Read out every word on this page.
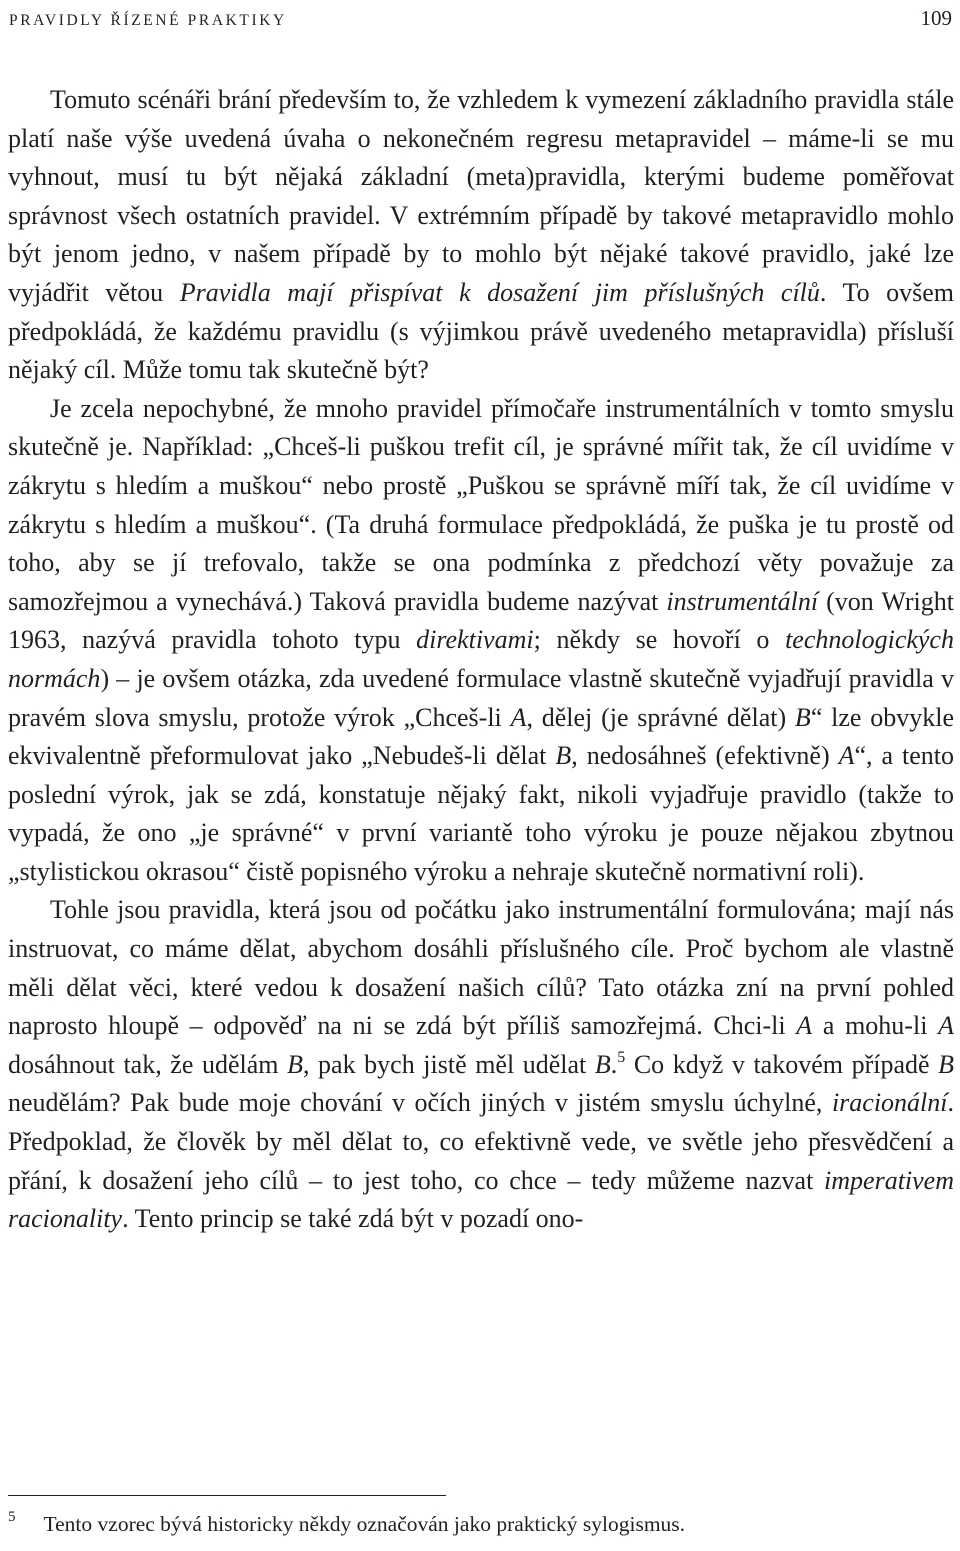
PRAVIDLY ŘÍZENÉ PRAKTIKY	109

Tomuto scénáři brání především to, že vzhledem k vymezení základního pravidla stále platí naše výše uvedená úvaha o nekonečném regresu metapravidel – máme-li se mu vyhnout, musí tu být nějaká základní (meta)pravidla, kterými budeme poměřovat správnost všech ostatních pravidel. V extrémním případě by takové metapravidlo mohlo být jenom jedno, v našem případě by to mohlo být nějaké takové pravidlo, jaké lze vyjádřit větou Pravidla mají přispívat k dosažení jim příslušných cílů. To ovšem předpokládá, že každému pravidlu (s výjimkou právě uvedeného metapravidla) přísluší nějaký cíl. Může tomu tak skutečně být?

Je zcela nepochybné, že mnoho pravidel přímočaře instrumentálních v tomto smyslu skutečně je. Například: „Chceš-li puškou trefit cíl, je správné mířit tak, že cíl uvidíme v zákrytu s hledím a muškou“ nebo prostě „Puškou se správně míří tak, že cíl uvidíme v zákrytu s hledím a muškou“. (Ta druhá formulace předpokládá, že puška je tu prostě od toho, aby se jí trefovalo, takže se ona podmínka z předchozí věty považuje za samozřejmou a vynechává.) Taková pravidla budeme nazývat instrumentální (von Wright 1963, nazývá pravidla tohoto typu direktivami; někdy se hovoří o technologických normách) – je ovšem otázka, zda uvedené formulace vlastně skutečně vyjadřují pravidla v pravém slova smyslu, protože výrok „Chceš-li A, dělej (je správné dělat) B“ lze obvykle ekvivalentně přeformulovat jako „Nebudeš-li dělat B, nedosáhneš (efektivně) A“, a tento poslední výrok, jak se zdá, konstatuje nějaký fakt, nikoli vyjadřuje pravidlo (takže to vypadá, že ono „je správné“ v první variantě toho výroku je pouze nějakou zbytnou „stylistickou okrasou“ čistě popisného výroku a nehraje skutečně normativní roli).

Tohle jsou pravidla, která jsou od počátku jako instrumentální formulována; mají nás instruovat, co máme dělat, abychom dosáhli příslušného cíle. Proč bychom ale vlastně měli dělat věci, které vedou k dosažení našich cílů? Tato otázka zní na první pohled naprosto hloupě – odpověď na ni se zdá být příliš samozřejmá. Chci-li A a mohu-li A dosáhnout tak, že udělám B, pak bych jistě měl udělat B.$^5$ Co když v takovém případě B neudělám? Pak bude moje chování v očích jiných v jistém smyslu úchylné, iracionální. Předpoklad, že člověk by měl dělat to, co efektivně vede, ve světle jeho přesvědčení a přání, k dosažení jeho cílů – to jest toho, co chce – tedy můžeme nazvat imperativem racionality. Tento princip se také zdá být v pozadí ono-

$^5$ Tento vzorec bývá historicky někdy označován jako praktický sylogismus.
